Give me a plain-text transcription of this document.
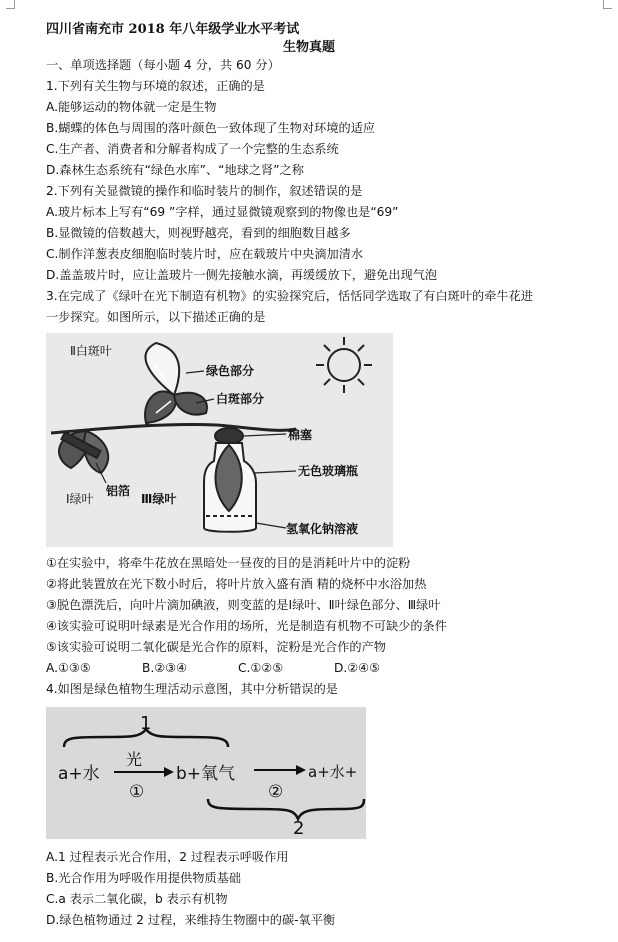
四川省南充市 2018 年八年级学业水平考试
生物真题
一、单项选择题（每小题 4 分，共 60 分）
1.下列有关生物与环境的叙述，正确的是
A.能够运动的物体就一定是生物
B.蝴蝶的体色与周围的落叶颜色一致体现了生物对环境的适应
C.生产者、消费者和分解者构成了一个完整的生态系统
D.森林生态系统有“绿色水库”、“地球之肾”之称
2.下列有关显微镜的操作和临时装片的制作，叙述错误的是
A.玻片标本上写有“69 ”字样，通过显微镜观察到的物像也是“69”
B.显微镜的倍数越大，则视野越亮，看到的细胞数目越多
C.制作洋葱表皮细胞临时装片时，应在载玻片中央滴加清水
D.盖盖玻片时，应让盖玻片一侧先接触水滴，再缓缓放下，避免出现气泡
3.在完成了《绿叶在光下制造有机物》的实验探究后，恬恬同学选取了有白斑叶的牵牛花进
一步探究。如图所示，以下描述正确的是
Ⅱ白斑叶
绿色部分
白斑部分
棉塞
铝箔
无色玻璃瓶
Ⅰ绿叶	Ⅲ绿叶
氢氧化钠溶液
①在实验中，将牵牛花放在黑暗处一昼夜的目的是消耗叶片中的淀粉
②将此装置放在光下数小时后，将叶片放入盛有酒 精的烧杯中水浴加热
③脱色漂洗后，向叶片滴加碘液，则变蓝的是Ⅰ绿叶、Ⅱ叶绿色部分、Ⅲ绿叶
④该实验可说明叶绿素是光合作用的场所，光是制造有机物不可缺少的条件
⑤该实验可说明二氧化碳是光合作的原料，淀粉是光合作的产物
A.①③⑤	B.②③④	C.①②⑤	D.②④⑤
4.如图是绿色植物生理活动示意图，其中分析错误的是
1
a+水
光
①
b+氧气
②
a+水+
2
A.1 过程表示光合作用，2 过程表示呼吸作用
B.光合作用为呼吸作用提供物质基础
C.a 表示二氧化碳，b 表示有机物
D.绿色植物通过 2 过程，来维持生物圈中的碳-氧平衡
